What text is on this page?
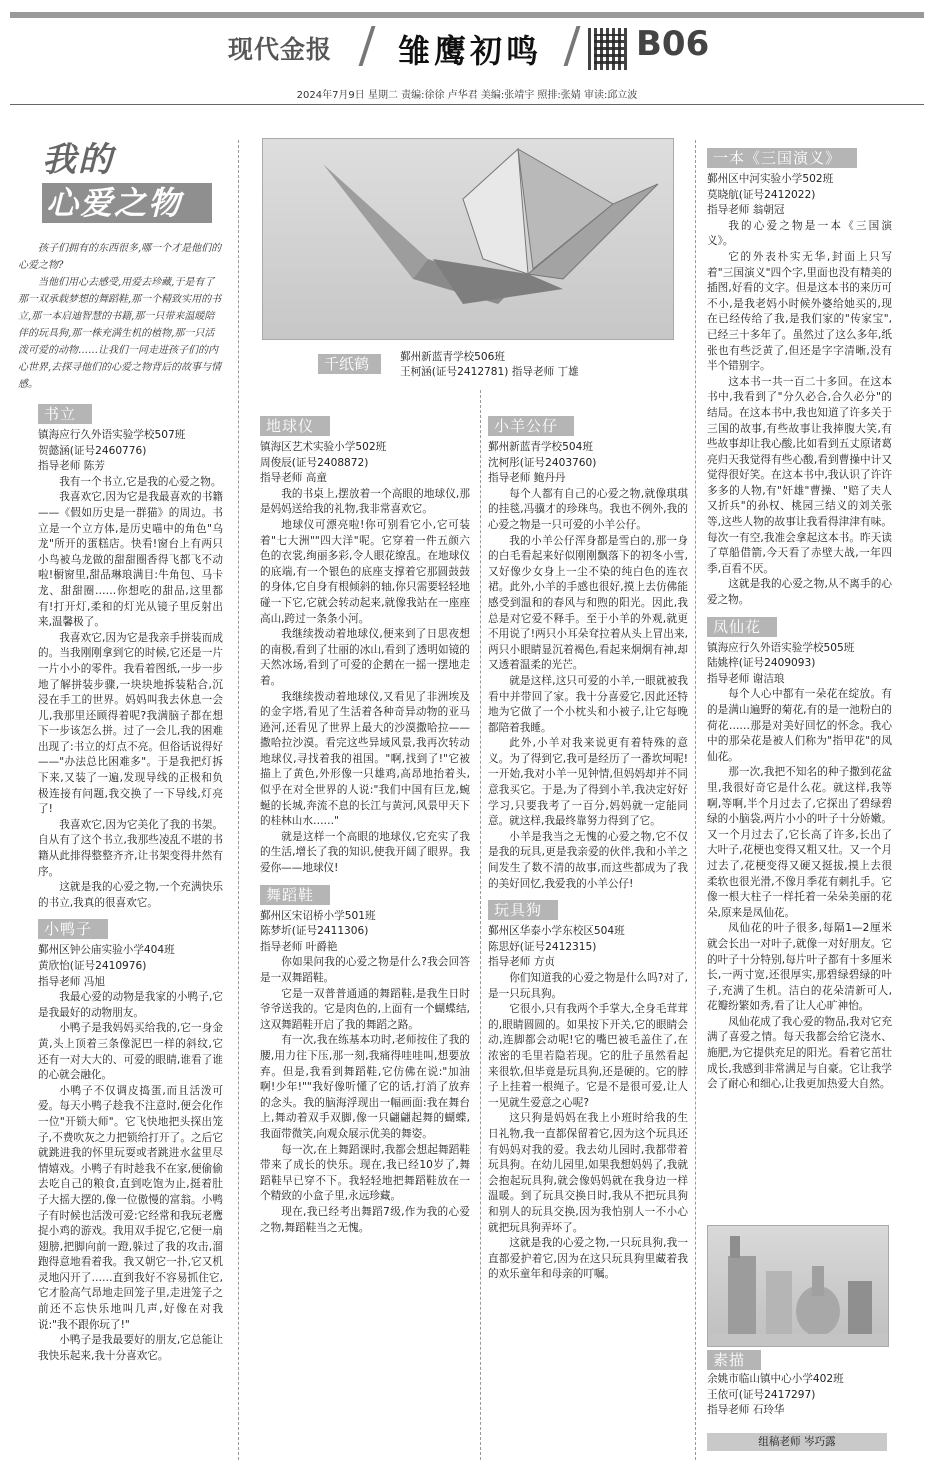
现代金报 雏鹰初鸣	B06
2024年7月9日 星期二 责编:徐徐 卢华君 美编:张靖宇 照排:张婧 审读:邱立波
我的
心爱之物

孩子们拥有的东西很多,哪一个才是他们的心爱之物?

当他们用心去感受,用爱去珍藏,于是有了那一双承载梦想的舞蹈鞋,那一个精致实用的书立,那一本启迪智慧的书籍,那一只带来温暖陪伴的玩具狗,那一株充满生机的植物,那一只活泼可爱的动物……让我们一同走进孩子们的内心世界,去探寻他们的心爱之物背后的故事与情感。

千纸鹤	鄞州新蓝青学校506班
王柯涵(证号2412781) 指导老师 丁雄
书立
镇海应行久外语实验学校507班
贺懿涵(证号2460776)
指导老师 陈芳

我有一个书立,它是我的心爱之物。

我喜欢它,因为它是我最喜欢的书籍——《假如历史是一群猫》的周边。书立是一个立方体,是历史喵中的角色"乌龙"所开的蛋糕店。快看!窗台上有两只小鸟被乌龙做的甜甜圈香得飞都飞不动啦!橱窗里,甜品琳琅满目:牛角包、马卡龙、甜甜圈……你想吃的甜品,这里都有!打开灯,柔和的灯光从镜子里反射出来,温馨极了。

我喜欢它,因为它是我亲手拼装而成的。当我刚刚拿到它的时候,它还是一片一片小小的零件。我看着图纸,一步一步地了解拼装步骤,一块块地拆装粘合,沉浸在手工的世界。妈妈叫我去休息一会儿,我那里还顾得着呢?我满脑子都在想下一步该怎么拼。过了一会儿,我的困难出现了:书立的灯点不亮。但俗话说得好——"办法总比困难多"。于是我把灯拆下来,又装了一遍,发现导线的正极和负极连接有问题,我交换了一下导线,灯亮了!

我喜欢它,因为它美化了我的书架。自从有了这个书立,我那些凌乱不堪的书籍从此排得整整齐齐,让书架变得井然有序。

这就是我的心爱之物,一个充满快乐的书立,我真的很喜欢它。

小鸭子
鄞州区钟公庙实验小学404班
黄欣怡(证号2410976)
指导老师 冯旭

我最心爱的动物是我家的小鸭子,它是我最好的动物朋友。

小鸭子是我妈妈买给我的,它一身金黄,头上顶着三条像泥巴一样的斜纹,它还有一对大大的、可爱的眼睛,谁看了谁的心就会融化。

小鸭子不仅调皮捣蛋,而且活泼可爱。每天小鸭子趁我不注意时,便会化作一位"开锁大师"。它飞快地把头探出笼子,不费吹灰之力把锁给打开了。之后它就跳进我的怀里玩耍或者跳进水盆里尽情嬉戏。小鸭子有时趁我不在家,便偷偷去吃自己的粮食,直到吃饱为止,挺着肚子大摇大摆的,像一位傲慢的富翁。小鸭子有时候也活泼可爱:它经常和我玩老鹰捉小鸡的游戏。我用双手捉它,它便一扇翅膀,把脚向前一蹬,躲过了我的攻击,溜跑得意地看着我。我又朝它一扑,它又机灵地闪开了……直到我好不容易抓住它,它才脸高气昂地走回笼子里,走进笼子之前还不忘快乐地叫几声,好像在对我说:"我不跟你玩了!"

小鸭子是我最要好的朋友,它总能让我快乐起来,我十分喜欢它。

地球仪
镇海区艺术实验小学502班
周俊辰(证号2408872)
指导老师 高童

我的书桌上,摆放着一个高眼的地球仪,那是妈妈送给我的礼物,我非常喜欢它。

地球仪可漂亮啦!你可别看它小,它可装着"七大洲""四大洋"呢。它穿着一件五颜六色的衣裳,绚丽多彩,令人眼花缭乱。在地球仪的底端,有一个银色的底座支撑着它那圆鼓鼓的身体,它自身有根倾斜的轴,你只需要轻轻地碰一下它,它就会转动起来,就像我站在一座座高山,跨过一条条小河。

我继续拨动着地球仪,便来到了日思夜想的南极,看到了壮丽的冰山,看到了透明如镜的天然冰场,看到了可爱的企鹅在一摇一摆地走着。

我继续拨动着地球仪,又看见了非洲埃及的金字塔,看见了生活着各种奇异动物的亚马逊河,还看见了世界上最大的沙漠撒哈拉——撒哈拉沙漠。看完这些异域风景,我再次转动地球仪,寻找着我的祖国。"啊,找到了!"它被描上了黄色,外形像一只雄鸡,高昂地抬着头,似乎在对全世界的人说:"我们中国有巨龙,蜿蜒的长城,奔流不息的长江与黄河,风景甲天下的桂林山水……"

就是这样一个高眼的地球仪,它充实了我的生活,增长了我的知识,使我开阔了眼界。我爱你——地球仪!

舞蹈鞋
鄞州区宋诏桥小学501班
陈梦圻(证号2411306)
指导老师 叶爵艳

你如果问我的心爱之物是什么?我会回答是一双舞蹈鞋。

它是一双普普通通的舞蹈鞋,是我生日时爷爷送我的。它是肉色的,上面有一个蝴蝶结,这双舞蹈鞋开启了我的舞蹈之路。

有一次,我在练基本功时,老师按住了我的腰,用力往下压,那一刻,我痛得哇哇叫,想要放弃。但是,我看到舞蹈鞋,它仿佛在说:"加油啊!少年!""我好像听懂了它的话,打消了放弃的念头。我的脑海浮现出一幅画面:我在舞台上,舞动着双手双脚,像一只翩翩起舞的蝴蝶,我面带微笑,向观众展示优美的舞姿。

每一次,在上舞蹈课时,我都会想起舞蹈鞋带来了成长的快乐。现在,我已经10岁了,舞蹈鞋早已穿不下。我轻轻地把舞蹈鞋放在一个精致的小盒子里,永远珍藏。

现在,我已经考出舞蹈7级,作为我的心爱之物,舞蹈鞋当之无愧。

小羊公仔
鄞州新蓝青学校504班
沈柯彤(证号2403760)
指导老师 鲍丹丹

每个人都有自己的心爱之物,就像琪琪的挂毯,冯骥才的珍珠鸟。我也不例外,我的心爱之物是一只可爱的小羊公仔。

我的小羊公仔浑身都是雪白的,那一身的白毛看起来好似刚刚飘落下的初冬小雪,又好像少女身上一尘不染的纯白色的连衣裙。此外,小羊的手感也很好,摸上去仿佛能感受到温和的春风与和煦的阳光。因此,我总是对它爱不释手。至于小羊的外观,就更不用说了!两只小耳朵耷拉着从头上冒出来,两只小眼睛显沉着褐色,看起来炯炯有神,却又透着温柔的光芒。

就是这样,这只可爱的小羊,一眼就被我看中并带回了家。我十分喜爱它,因此还特地为它做了一个小枕头和小被子,让它每晚都陪着我睡。

此外,小羊对我来说更有着特殊的意义。为了得到它,我可是经历了一番坎坷呢!一开始,我对小羊一见钟情,但妈妈却并不同意我买它。于是,为了得到小羊,我决定好好学习,只要我考了一百分,妈妈就一定能同意。就这样,我最终靠努力得到了它。

小羊是我当之无愧的心爱之物,它不仅是我的玩具,更是我亲爱的伙伴,我和小羊之间发生了数不清的故事,而这些都成为了我的美好回忆,我爱我的小羊公仔!

玩具狗
鄞州区华泰小学东校区504班
陈思妤(证号2412315)
指导老师 方贞

你们知道我的心爱之物是什么吗?对了,是一只玩具狗。

它很小,只有我两个手掌大,全身毛茸茸的,眼睛圆圆的。如果按下开关,它的眼睛会动,连脚都会动呢!它的嘴巴被毛盖住了,在浓密的毛里若隐若现。它的肚子虽然看起来很软,但毕竟是玩具狗,还是硬的。它的脖子上挂着一根绳子。它是不是很可爱,让人一见就生爱意之心呢?

这只狗是妈妈在我上小班时给我的生日礼物,我一直都保留着它,因为这个玩具还有妈妈对我的爱。我去幼儿园时,我都带着玩具狗。在幼儿园里,如果我想妈妈了,我就会抱起玩具狗,就会像妈妈就在我身边一样温暖。到了玩具交换日时,我从不把玩具狗和别人的玩具交换,因为我怕别人一不小心就把玩具狗弄坏了。

这就是我的心爱之物,一只玩具狗,我一直都爱护着它,因为在这只玩具狗里藏着我的欢乐童年和母亲的叮嘱。

一本《三国演义》
鄞州区中河实验小学502班
莫晓航(证号2412022)
指导老师 翁朝冠

我的心爱之物是一本《三国演义》。

它的外表朴实无华,封面上只写着"三国演义"四个字,里面也没有精美的插图,好看的文字。但是这本书的来历可不小,是我老妈小时候外婆给她买的,现在已经传给了我,是我们家的"传家宝",已经三十多年了。虽然过了这么多年,纸张也有些泛黄了,但还是字字清晰,没有半个错别字。

这本书一共一百二十多回。在这本书中,我看到了"分久必合,合久必分"的结局。在这本书中,我也知道了许多关于三国的故事,有些故事让我捧腹大笑,有些故事却让我心酸,比如看到五丈原诸葛亮归天我觉得有些心酸,看到曹操中计又觉得很好笑。在这本书中,我认识了许许多多的人物,有"奸雄"曹操、"赔了夫人又折兵"的孙权、桃园三结义的刘关张等,这些人物的故事让我看得津津有味。每次一有空,我准会拿起这本书。昨天读了草船借箭,今天看了赤壁大战,一年四季,百看不厌。

这就是我的心爱之物,从不离手的心爱之物。

凤仙花
镇海应行久外语实验学校505班
陆姚梓(证号2409093)
指导老师 谢洁琅

每个人心中都有一朵花在绽放。有的是满山遍野的菊花,有的是一池粉白的荷花……那是对美好回忆的怀念。我心中的那朵花是被人们称为"指甲花"的凤仙花。

那一次,我把不知名的种子撒到花盆里,我很好奇它是什么花。就这样,我等啊,等啊,半个月过去了,它探出了碧绿碧绿的小脑袋,两片小小的叶子十分娇嫩。又一个月过去了,它长高了许多,长出了大叶子,花梗也变得又粗又壮。又一个月过去了,花梗变得又硬又挺拔,摸上去很柔软也很光滑,不像月季花有刺扎手。它像一根大柱子一样托着一朵朵美丽的花朵,原来是凤仙花。

凤仙花的叶子很多,每隔1—2厘米就会长出一对叶子,就像一对好朋友。它的叶子十分特别,每片叶子都有十多厘米长,一两寸宽,还很厚实,那碧绿碧绿的叶子,充满了生机。洁白的花朵清新可人,花瓣纷繁如秀,看了让人心旷神怡。

凤仙花成了我心爱的物品,我对它充满了喜爱之情。每天我都会给它浇水、施肥,为它提供充足的阳光。看着它茁壮成长,我感到非常满足与自豪。它让我学会了耐心和细心,让我更加热爱大自然。

素描
余姚市临山镇中心小学402班
王依可(证号2417297)
指导老师 石玲华
组稿老师 岑巧露
